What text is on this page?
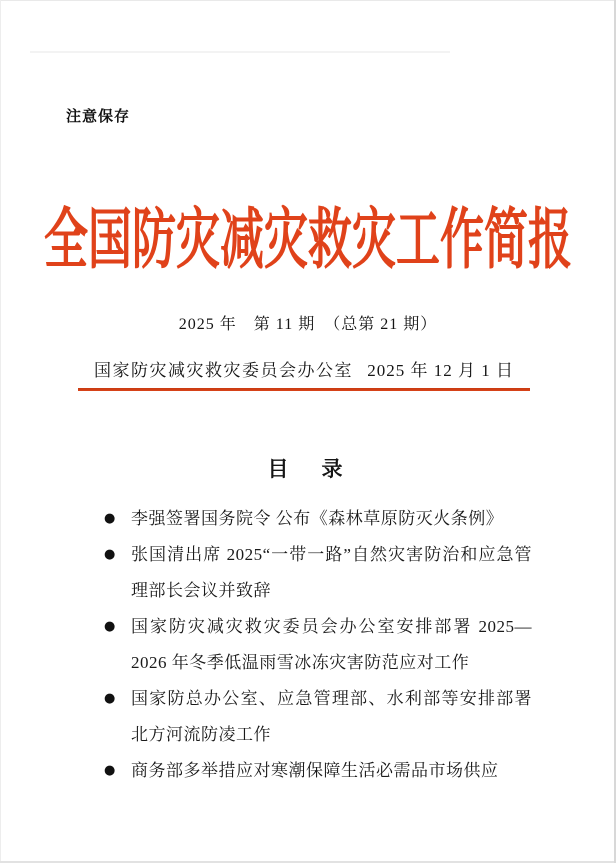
注意保存
全国防灾减灾救灾工作简报
2025 年　第 11 期　（总第 21 期）
国家防灾减灾救灾委员会办公室 2025 年 12 月 1 日
目　录
● 李强签署国务院令 公布《森林草原防灭火条例》
● 张国清出席 2025“一带一路”自然灾害防治和应急管理部长会议并致辞
● 国家防灾减灾救灾委员会办公室安排部署 2025—2026 年冬季低温雨雪冰冻灾害防范应对工作
● 国家防总办公室、应急管理部、水利部等安排部署北方河流防凌工作
● 商务部多举措应对寒潮保障生活必需品市场供应
